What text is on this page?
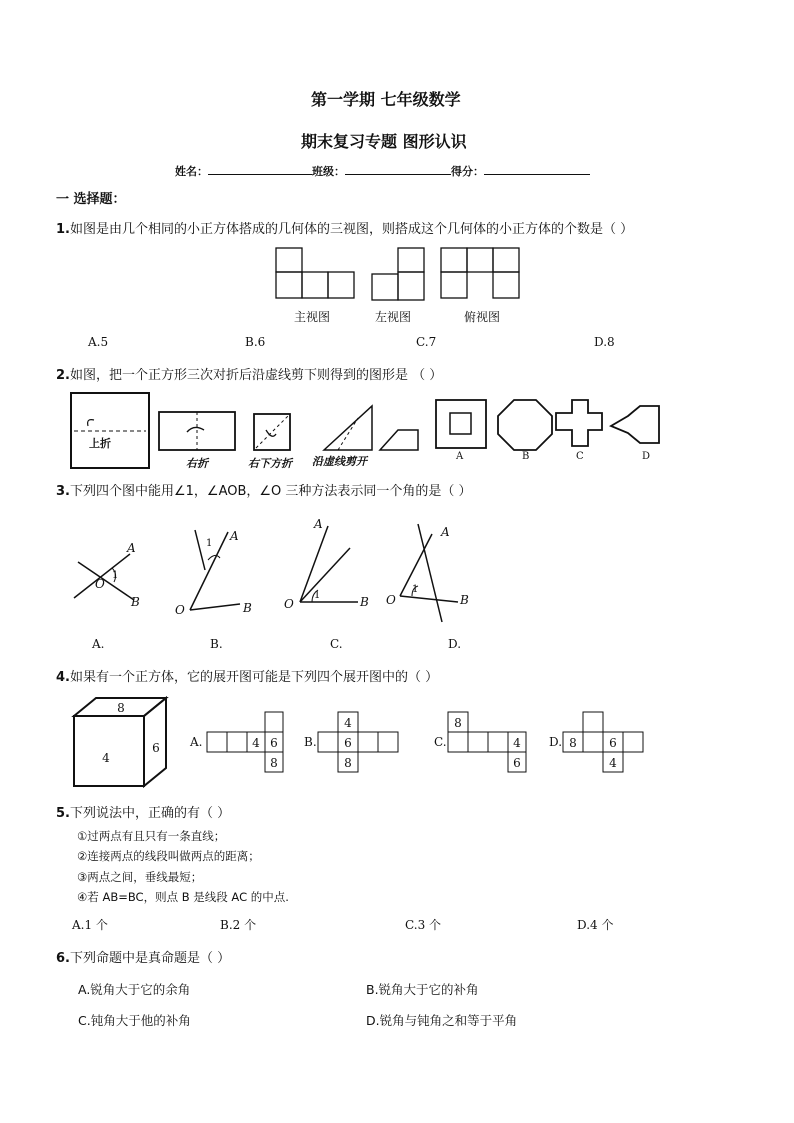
第一学期 七年级数学
期末复习专题 图形认识
姓名：	班级：	得分：
一 选择题：
1.如图是由几个相同的小正方体搭成的几何体的三视图，则搭成这个几何体的小正方体的个数是（ ）
主视图	左视图	俯视图
A.5	B.6	C.7	D.8
2.如图，把一个正方形三次对折后沿虚线剪下则得到的图形是 （ ）
上折
右折	右下方折 沿虚线剪开	A	B	C	D
3.下列四个图中能用∠1，∠AOB，∠O 三种方法表示同一个角的是（ ）
A
O
1
B
A
1
O	B
A
1
O	B
A
1
O	B
A.	B.	C.	D.
4.如果有一个正方体，它的展开图可能是下列四个展开图中的（ ）
8
4
6	4 6
8
4
6
8
8
4
6
8	6
4
A.	B.	C.	D.
5.下列说法中，正确的有（ ）
①过两点有且只有一条直线；
②连接两点的线段叫做两点的距离；
③两点之间，垂线最短；
④若 AB=BC，则点 B 是线段 AC 的中点.
A.1 个	B.2 个	C.3 个	D.4 个
6.下列命题中是真命题是（ ）
A.锐角大于它的余角	B.锐角大于它的补角
C.钝角大于他的补角	D.锐角与钝角之和等于平角
